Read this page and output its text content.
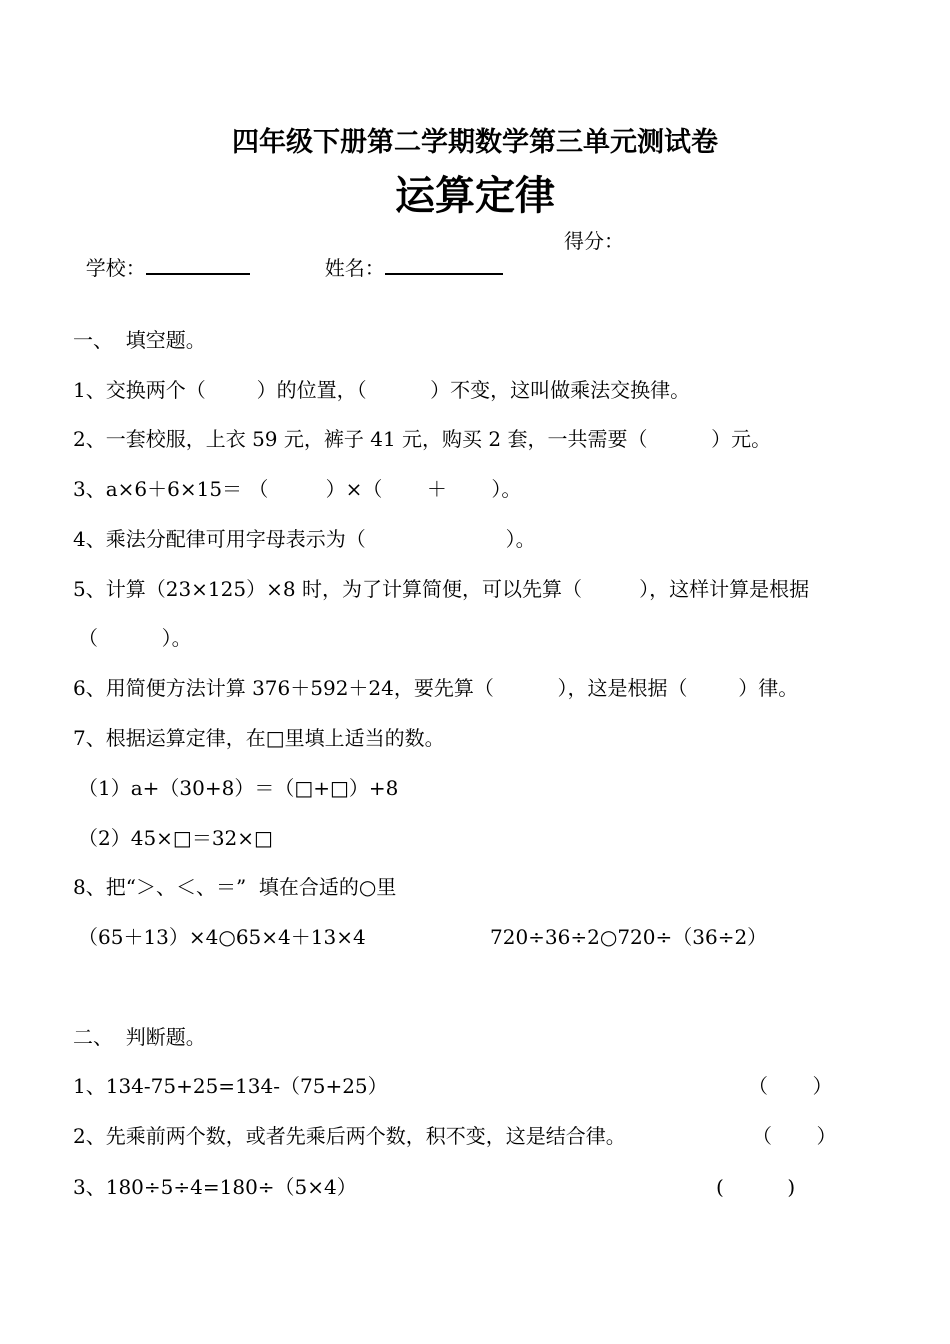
四年级下册第二学期数学第三单元测试卷
运算定律

学校：	姓名：

得分：
一、  填空题。
1、交换两个（        ）的位置，（          ）不变，这叫做乘法交换律。
2、一套校服，上衣 59 元，裤子 41 元，购买 2 套，一共需要（          ）元。
3、a×6＋6×15＝ （         ）×（       ＋       ）。
4、乘法分配律可用字母表示为（                      ）。
5、计算（23×125）×8 时，为了计算简便，可以先算（         ），这样计算是根据
（          ）。
6、用简便方法计算 376＋592＋24，要先算（          ），这是根据（        ）律。
7、根据运算定律，在□里填上适当的数。
（1）a+（30+8）＝（□+□）+8
（2）45×□＝32×□
8、把“＞、＜、＝”  填在合适的○里
（65＋13）×4○65×4＋13×4	720÷36÷2○720÷（36÷2）
二、  判断题。
1、134-75+25=134-（75+25）	（       ）
2、先乘前两个数，或者先乘后两个数，积不变，这是结合律。	（       ）
3、180÷5÷4=180÷（5×4）	(          )
